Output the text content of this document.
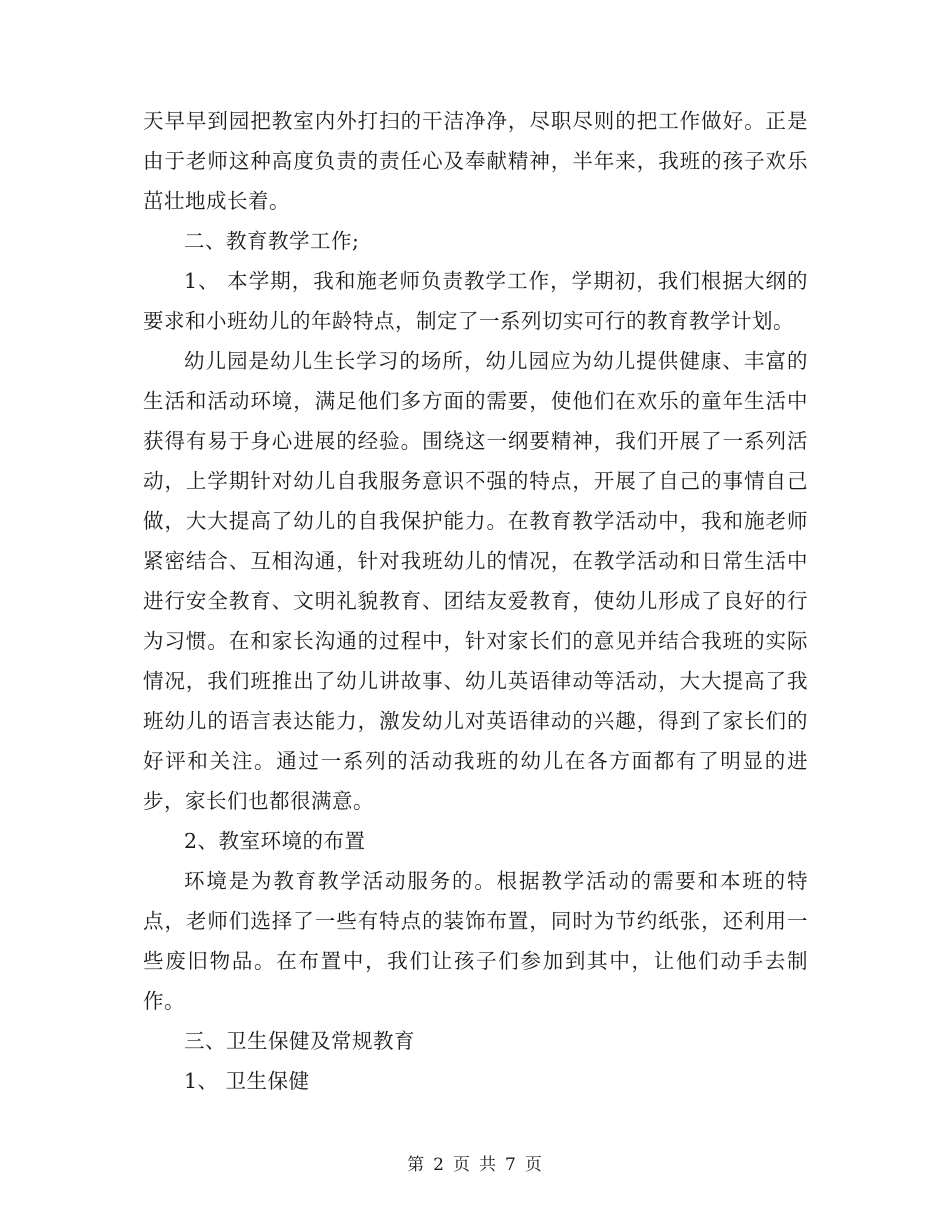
天早早到园把教室内外打扫的干洁净净，尽职尽则的把工作做好。正是由于老师这种高度负责的责任心及奉献精神，半年来，我班的孩子欢乐茁壮地成长着。

二、教育教学工作;

1、 本学期，我和施老师负责教学工作，学期初，我们根据大纲的要求和小班幼儿的年龄特点，制定了一系列切实可行的教育教学计划。

幼儿园是幼儿生长学习的场所，幼儿园应为幼儿提供健康、丰富的生活和活动环境，满足他们多方面的需要，使他们在欢乐的童年生活中获得有易于身心进展的经验。围绕这一纲要精神，我们开展了一系列活动，上学期针对幼儿自我服务意识不强的特点，开展了自己的事情自己做，大大提高了幼儿的自我保护能力。在教育教学活动中，我和施老师紧密结合、互相沟通，针对我班幼儿的情况，在教学活动和日常生活中进行安全教育、文明礼貌教育、团结友爱教育，使幼儿形成了良好的行为习惯。在和家长沟通的过程中，针对家长们的意见并结合我班的实际情况，我们班推出了幼儿讲故事、幼儿英语律动等活动，大大提高了我班幼儿的语言表达能力，激发幼儿对英语律动的兴趣，得到了家长们的好评和关注。通过一系列的活动我班的幼儿在各方面都有了明显的进步，家长们也都很满意。

2、教室环境的布置

环境是为教育教学活动服务的。根据教学活动的需要和本班的特点，老师们选择了一些有特点的装饰布置，同时为节约纸张，还利用一些废旧物品。在布置中，我们让孩子们参加到其中，让他们动手去制作。

三、卫生保健及常规教育

1、 卫生保健

第 2 页 共 7 页
